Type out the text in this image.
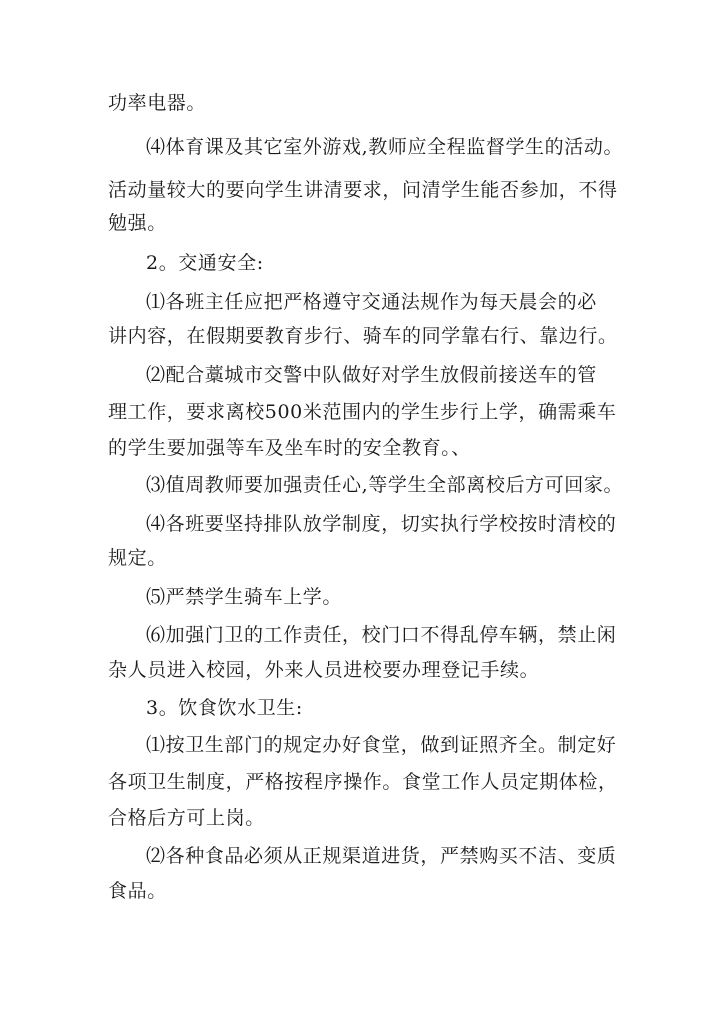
功率电器。
⑷体育课及其它室外游戏,教师应全程监督学生的活动。
活动量较大的要向学生讲清要求，问清学生能否参加，不得
勉强。
2。交通安全:
⑴各班主任应把严格遵守交通法规作为每天晨会的必
讲内容，在假期要教育步行、骑车的同学靠右行、靠边行。
⑵配合藁城市交警中队做好对学生放假前接送车的管
理工作，要求离校500米范围内的学生步行上学，确需乘车
的学生要加强等车及坐车时的安全教育。、
⑶值周教师要加强责任心,等学生全部离校后方可回家。
⑷各班要坚持排队放学制度，切实执行学校按时清校的
规定。
⑸严禁学生骑车上学。
⑹加强门卫的工作责任，校门口不得乱停车辆，禁止闲
杂人员进入校园，外来人员进校要办理登记手续。
3。饮食饮水卫生:
⑴按卫生部门的规定办好食堂，做到证照齐全。制定好
各项卫生制度，严格按程序操作。食堂工作人员定期体检，
合格后方可上岗。
⑵各种食品必须从正规渠道进货，严禁购买不洁、变质
食品。
